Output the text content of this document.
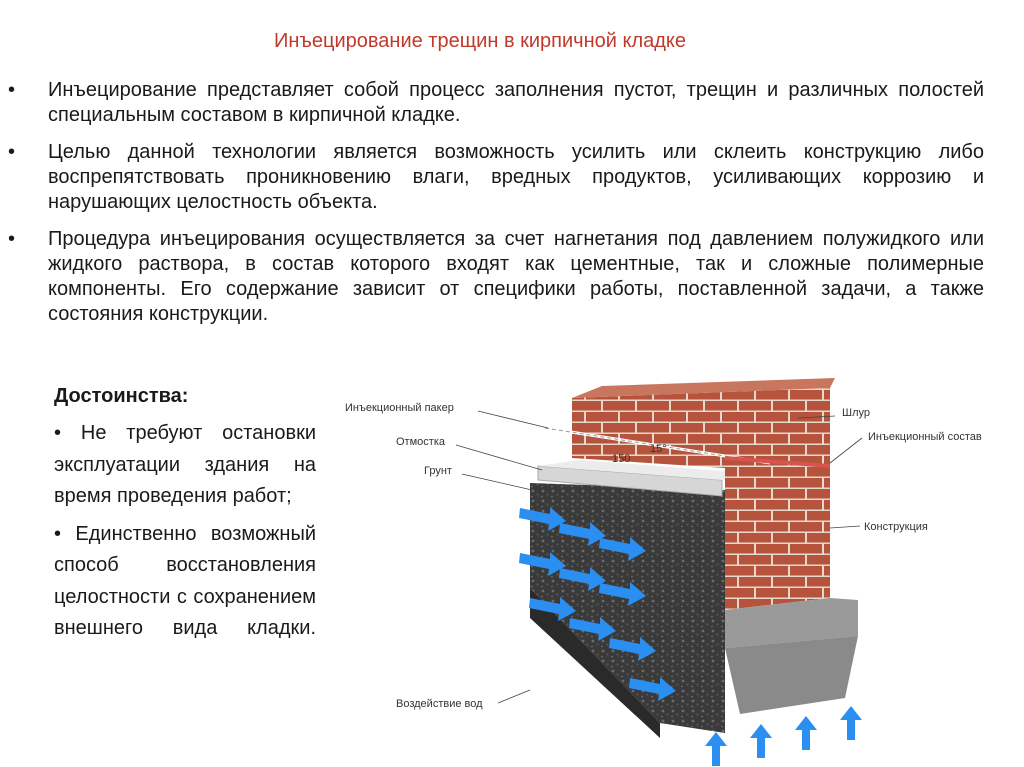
Инъецирование трещин в кирпичной кладке
• Инъецирование представляет собой процесс заполнения пустот, трещин и различных полостей специальным составом в кирпичной кладке.
• Целью данной технологии является возможность усилить или склеить конструкцию либо воспрепятствовать проникновению влаги, вредных продуктов, усиливающих коррозию и нарушающих целостность объекта.
• Процедура инъецирования осуществляется за счет нагнетания под давлением полужидкого или жидкого раствора, в состав которого входят как цементные, так и сложные полимерные компоненты. Его содержание зависит от специфики работы, поставленной задачи, а также состояния конструкции.
Достоинства:

• Не требуют остановки эксплуатации здания на время проведения работ;

• Единственно возможный способ восстановления целостности с сохранением внешнего вида кладки.

150
15°
Инъекционный пакер
Отмостка
Грунт
Шлур
Инъекционный состав
Конструкция
Воздействие вод
